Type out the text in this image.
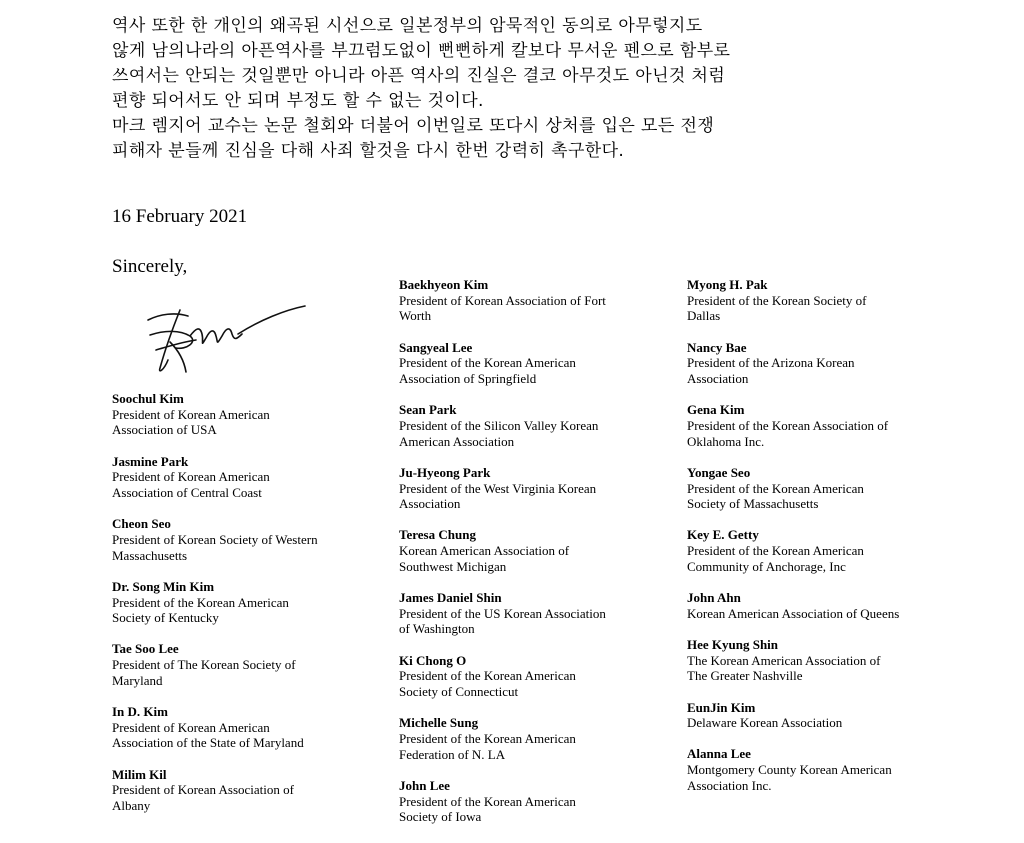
역사 또한 한 개인의 왜곡된 시선으로 일본정부의 암묵적인 동의로 아무렇지도
않게 남의나라의 아픈역사를 부끄럼도없이 뻔뻔하게 칼보다 무서운 펜으로 함부로
쓰여서는 안되는 것일뿐만 아니라 아픈 역사의 진실은 결코 아무것도 아닌것 처럼
편향 되어서도 안 되며 부정도 할 수 없는 것이다.
마크 렘지어 교수는 논문 철회와 더불어 이번일로 또다시 상처를 입은 모든 전쟁
피해자 분들께 진심을 다해 사죄 할것을 다시 한번 강력히 촉구한다.
16 February 2021
Sincerely,
Soochul Kim
President of Korean American
Association of USA
Jasmine Park
President of Korean American
Association of Central Coast
Cheon Seo
President of Korean Society of Western
Massachusetts
Dr. Song Min Kim
President of the Korean American
Society of Kentucky
Tae Soo Lee
President of The Korean Society of
Maryland
In D. Kim
President of Korean American
Association of the State of Maryland
Milim Kil
President of Korean Association of
Albany
Baekhyeon Kim
President of Korean Association of Fort
Worth
Sangyeal Lee
President of the Korean American
Association of Springfield
Sean Park
President of the Silicon Valley Korean
American Association
Ju-Hyeong Park
President of the West Virginia Korean
Association
Teresa Chung
Korean American Association of
Southwest Michigan
James Daniel Shin
President of the US Korean Association
of Washington
Ki Chong O
President of the Korean American
Society of Connecticut
Michelle Sung
President of the Korean American
Federation of N. LA
John Lee
President of the Korean American
Society of Iowa
Myong H. Pak
President of the Korean Society of
Dallas
Nancy Bae
President of the Arizona Korean
Association
Gena Kim
President of the Korean Association of
Oklahoma Inc.
Yongae Seo
President of the Korean American
Society of Massachusetts
Key E. Getty
President of the Korean American
Community of Anchorage, Inc
John Ahn
Korean American Association of Queens
Hee Kyung Shin
The Korean American Association of
The Greater Nashville
EunJin Kim
Delaware Korean Association
Alanna Lee
Montgomery County Korean American
Association Inc.
